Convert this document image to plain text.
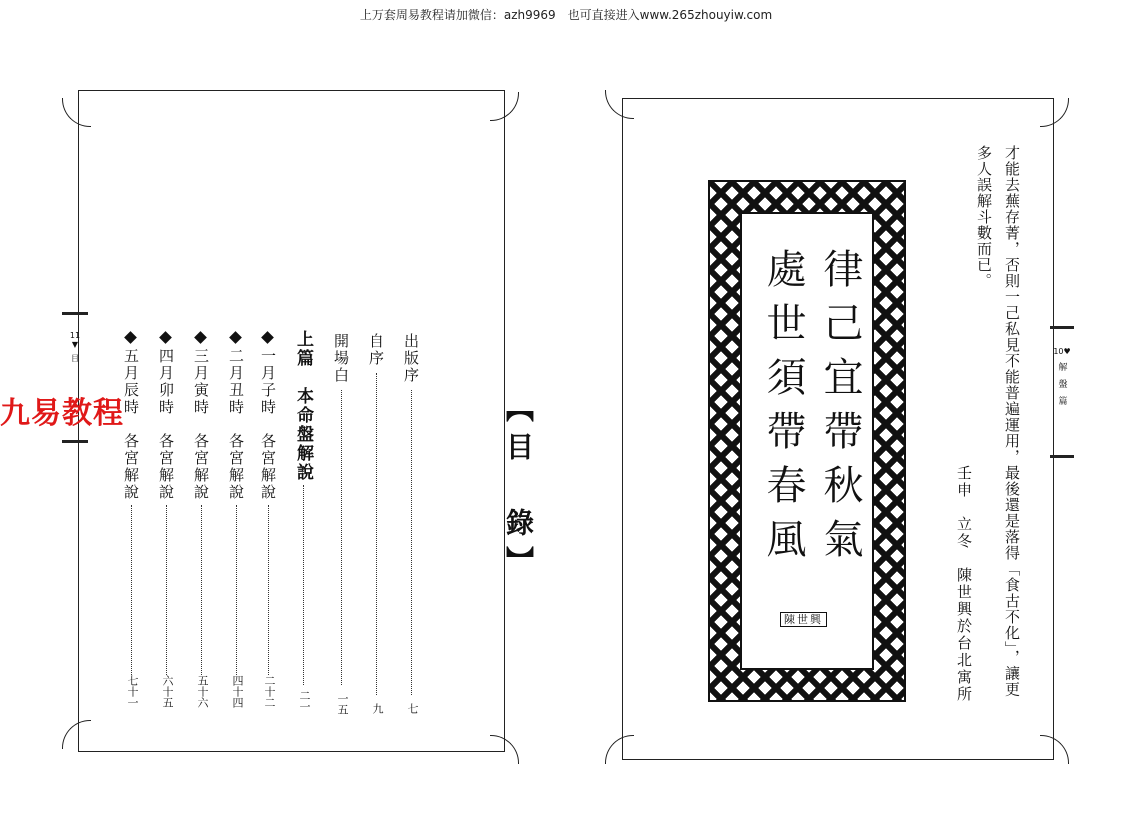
上万套周易教程请加微信：azh9969　也可直接进入www.265zhouyiw.com
【目　錄】
11
▼
目	出版序
七
自序
九
開場白
一五
上篇　本命盤解說
二一
一月子時　各宮解說
二十二
二月丑時　各宮解說
四十四
三月寅時　各宮解說
五十六
四月卯時　各宮解說
六十五
五月辰時　各宮解說
七十一
九易教程
10♥
解盤篇
才能去蕪存菁，否則一己私見不能普遍運用，最後還是落得「食古不化」，讓更
多人誤解斗數而已。
壬申　立冬　陳世興於台北寓所
律己宜帶秋氣
處世須帶春風
陳世興
